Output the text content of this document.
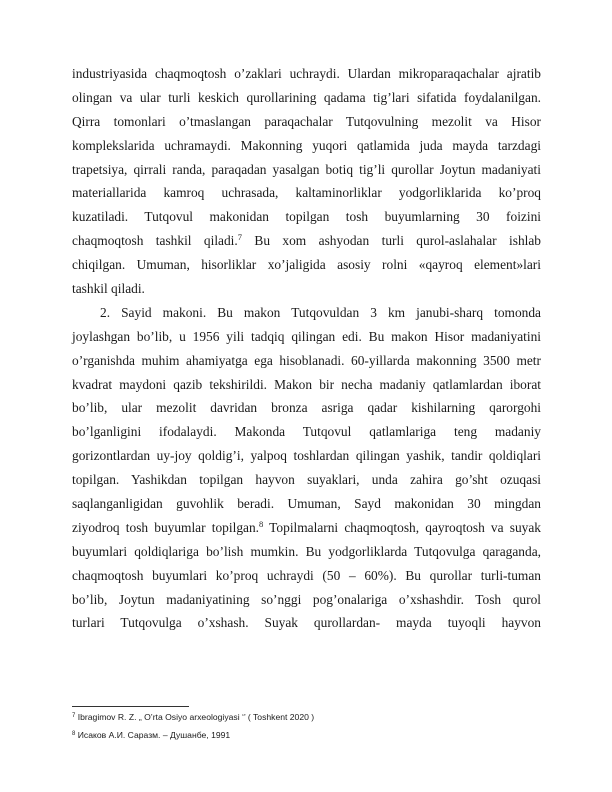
industriyasida chaqmoqtosh o’zaklari uchraydi. Ulardan mikroparaqachalar ajratib
olingan va ular turli keskich qurollarining qadama tig’lari sifatida foydalanilgan.
Qirra tomonlari o’tmaslangan paraqachalar Tutqovulning mezolit va Hisor
komplekslarida uchramaydi. Makonning yuqori qatlamida juda mayda tarzdagi
trapetsiya, qirrali randa, paraqadan yasalgan botiq tig’li qurollar Joytun madaniyati
materiallarida kamroq uchrasada, kaltaminorliklar yodgorliklarida ko’proq
kuzatiladi. Tutqovul makonidan topilgan tosh buyumlarning 30 foizini
chaqmoqtosh tashkil qiladi.$^7$ Bu xom ashyodan turli qurol-aslahalar ishlab
chiqilgan. Umuman, hisorliklar xo’jaligida asosiy rolni «qayroq element»lari
tashkil qiladi.
2. Sayid makoni. Bu makon Tutqovuldan 3 km janubi-sharq tomonda
joylashgan bo’lib, u 1956 yili tadqiq qilingan edi. Bu makon Hisor madaniyatini
o’rganishda muhim ahamiyatga ega hisoblanadi. 60-yillarda makonning 3500 metr
kvadrat maydoni qazib tekshirildi. Makon bir necha madaniy qatlamlardan iborat
bo’lib, ular mezolit davridan bronza asriga qadar kishilarning qarorgohi
bo’lganligini ifodalaydi. Makonda Tutqovul qatlamlariga teng madaniy
gorizontlardan uy-joy qoldig’i, yalpoq toshlardan qilingan yashik, tandir qoldiqlari
topilgan. Yashikdan topilgan hayvon suyaklari, unda zahira go’sht ozuqasi
saqlanganligidan guvohlik beradi. Umuman, Sayd makonidan 30 mingdan
ziyodroq tosh buyumlar topilgan.$^8$ Topilmalarni chaqmoqtosh, qayroqtosh va suyak
buyumlari qoldiqlariga bo’lish mumkin. Bu yodgorliklarda Tutqovulga qaraganda,
chaqmoqtosh buyumlari ko’proq uchraydi (50 – 60%). Bu qurollar turli-tuman
bo’lib, Joytun madaniyatining so’nggi pog’onalariga o’xshashdir. Tosh qurol
turlari Tutqovulga o’xshash. Suyak qurollardan- mayda tuyoqli hayvon
$^7$ Ibragimov R. Z. „ O’rta Osiyo arxeologiyasi ‘’ ( Toshkent 2020 )
$^8$ Исаков А.И. Саразм. – Душанбе, 1991
